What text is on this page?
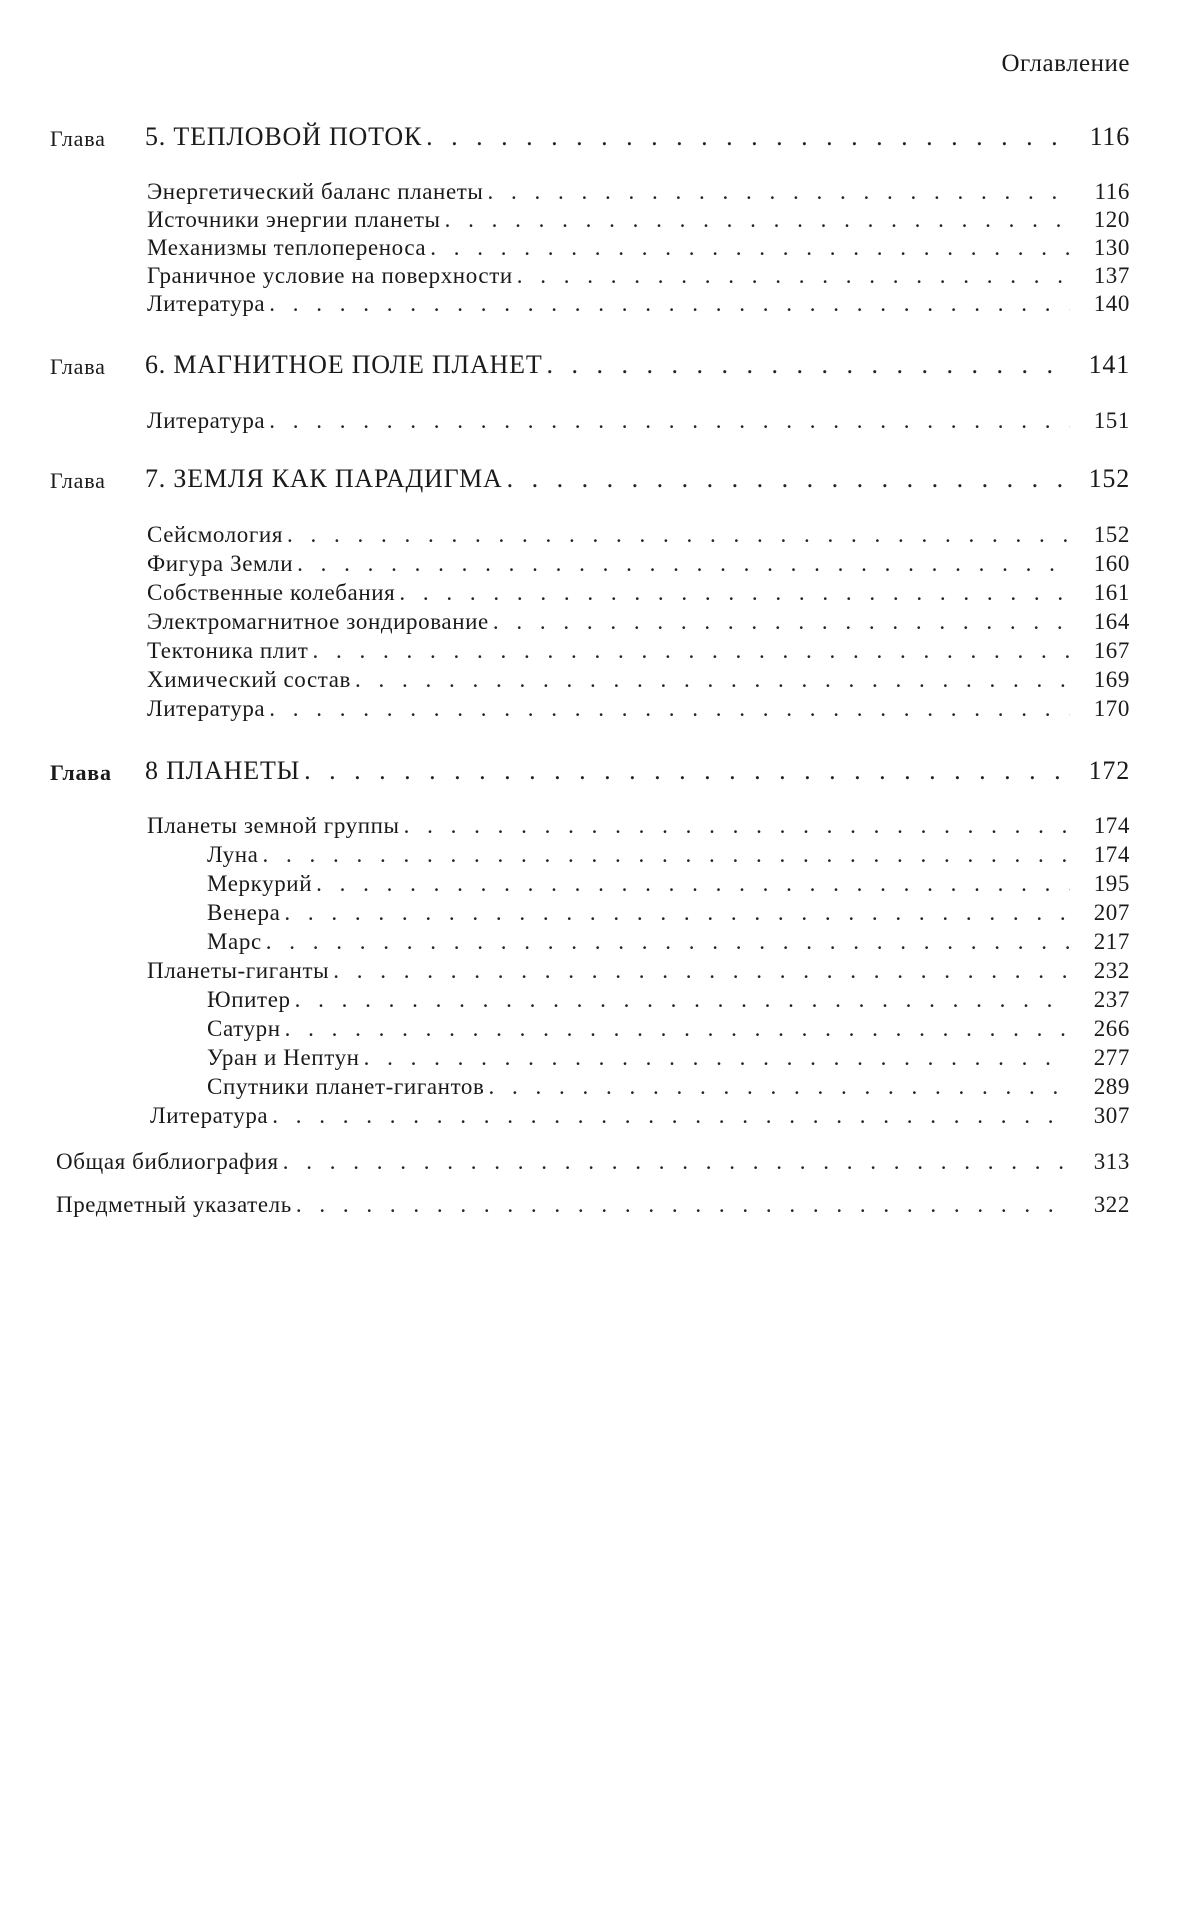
Оглавление
Глава	5. ТЕПЛОВОЙ ПОТОК . . .	116
Энергетический баланс планеты . . .	116
Источники энергии планеты . . .	120
Механизмы теплопереноса . . .	130
Граничное условие на поверхности . . .	137
Литература . . .	140
Глава	6. МАГНИТНОЕ ПОЛЕ ПЛАНЕТ . . .	141
Литература . . .	151
Глава	7. ЗЕМЛЯ КАК ПАРАДИГМА . . .	152
Сейсмология . . .	152
Фигура Земли . . .	160
Собственные колебания . . .	161
Электромагнитное зондирование . . .	164
Тектоника плит . . .	167
Химический состав . . .	169
Литература . . .	170
Глава	8 ПЛАНЕТЫ . . .	172
Планеты земной группы . . .	174
Луна . . .	174
Меркурий . . .	195
Венера . . .	207
Марс . . .	217
Планеты-гиганты . . .	232
Юпитер . . .	237
Сатурн . . .	266
Уран и Нептун . . .	277
Спутники планет-гигантов . . .	289
Литература . . .	307
Общая библиография . . .	313
Предметный указатель . . .	322
